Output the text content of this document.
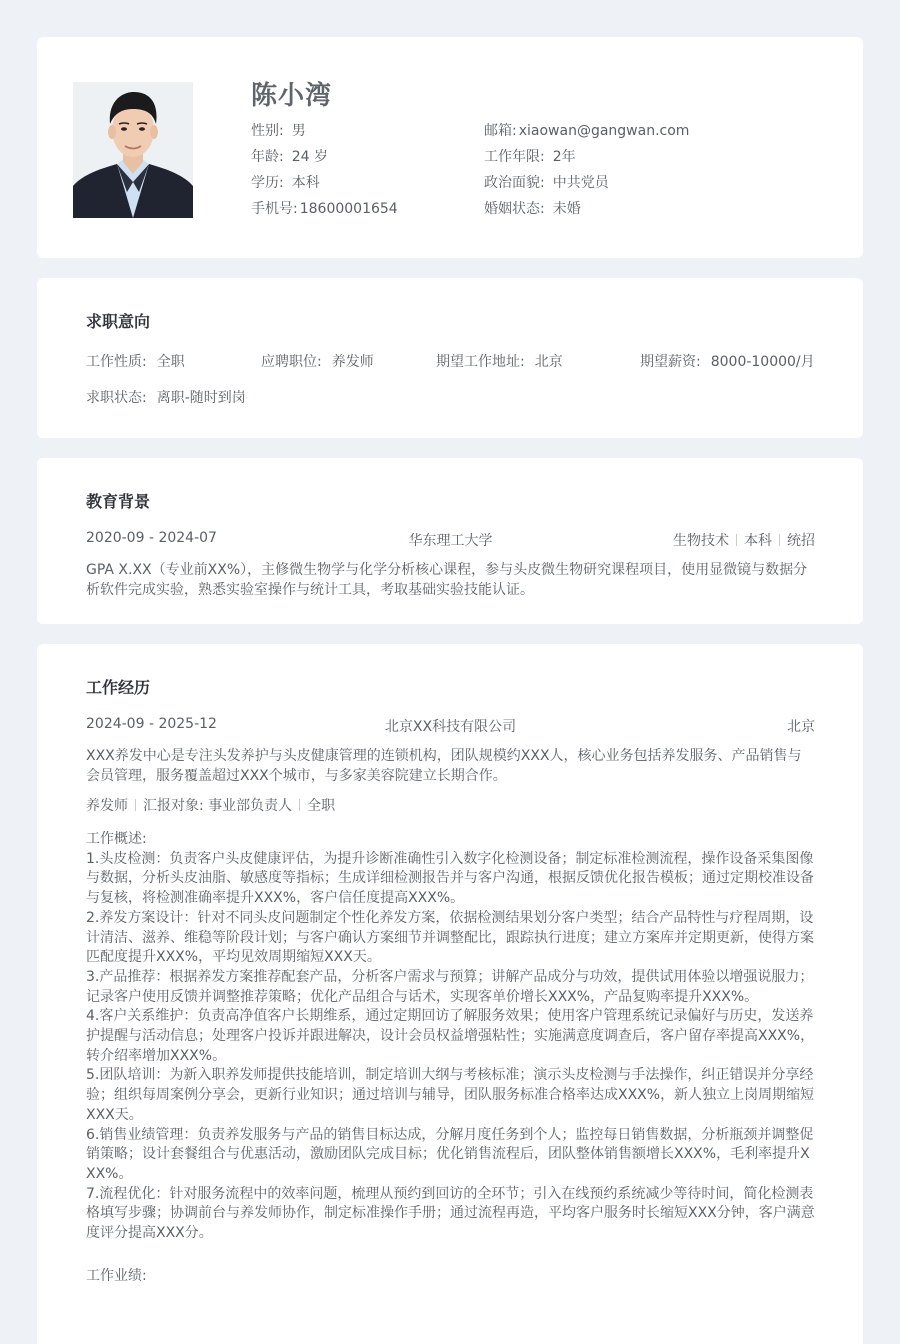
陈小湾
性别: 男
年龄: 24 岁
学历: 本科
手机号: 18600001654
邮箱: xiaowan@gangwan.com
工作年限: 2年
政治面貌: 中共党员
婚姻状态: 未婚
求职意向
工作性质: 全职	应聘职位: 养发师	期望工作地址: 北京	期望薪资: 8000-10000/月
求职状态: 离职-随时到岗
教育背景
2020-09 - 2024-07	华东理工大学	生物技术 本科 统招
GPA X.XX（专业前XX%），主修微生物学与化学分析核心课程，参与头皮微生物研究课程项目，使用显微镜与数据分析软件完成实验，熟悉实验室操作与统计工具，考取基础实验技能认证。
工作经历
2024-09 - 2025-12	北京XX科技有限公司	北京
XXX养发中心是专注头发养护与头皮健康管理的连锁机构，团队规模约XXX人，核心业务包括养发服务、产品销售与会员管理，服务覆盖超过XXX个城市，与多家美容院建立长期合作。
养发师 汇报对象: 事业部负责人 全职
工作概述:
1.头皮检测：负责客户头皮健康评估，为提升诊断准确性引入数字化检测设备；制定标准检测流程，操作设备采集图像与数据，分析头皮油脂、敏感度等指标；生成详细检测报告并与客户沟通，根据反馈优化报告模板；通过定期校准设备与复核，将检测准确率提升XXX%，客户信任度提高XXX%。
2.养发方案设计：针对不同头皮问题制定个性化养发方案，依据检测结果划分客户类型；结合产品特性与疗程周期，设计清洁、滋养、维稳等阶段计划；与客户确认方案细节并调整配比，跟踪执行进度；建立方案库并定期更新，使得方案匹配度提升XXX%，平均见效周期缩短XXX天。
3.产品推荐：根据养发方案推荐配套产品，分析客户需求与预算；讲解产品成分与功效，提供试用体验以增强说服力；记录客户使用反馈并调整推荐策略；优化产品组合与话术，实现客单价增长XXX%，产品复购率提升XXX%。
4.客户关系维护：负责高净值客户长期维系，通过定期回访了解服务效果；使用客户管理系统记录偏好与历史，发送养护提醒与活动信息；处理客户投诉并跟进解决，设计会员权益增强粘性；实施满意度调查后，客户留存率提高XXX%，转介绍率增加XXX%。
5.团队培训：为新入职养发师提供技能培训，制定培训大纲与考核标准；演示头皮检测与手法操作，纠正错误并分享经验；组织每周案例分享会，更新行业知识；通过培训与辅导，团队服务标准合格率达成XXX%，新人独立上岗周期缩短XXX天。
6.销售业绩管理：负责养发服务与产品的销售目标达成，分解月度任务到个人；监控每日销售数据，分析瓶颈并调整促销策略；设计套餐组合与优惠活动，激励团队完成目标；优化销售流程后，团队整体销售额增长XXX%，毛利率提升XXX%。
7.流程优化：针对服务流程中的效率问题，梳理从预约到回访的全环节；引入在线预约系统减少等待时间，简化检测表格填写步骤；协调前台与养发师协作，制定标准操作手册；通过流程再造，平均客户服务时长缩短XXX分钟，客户满意度评分提高XXX分。
工作业绩:
